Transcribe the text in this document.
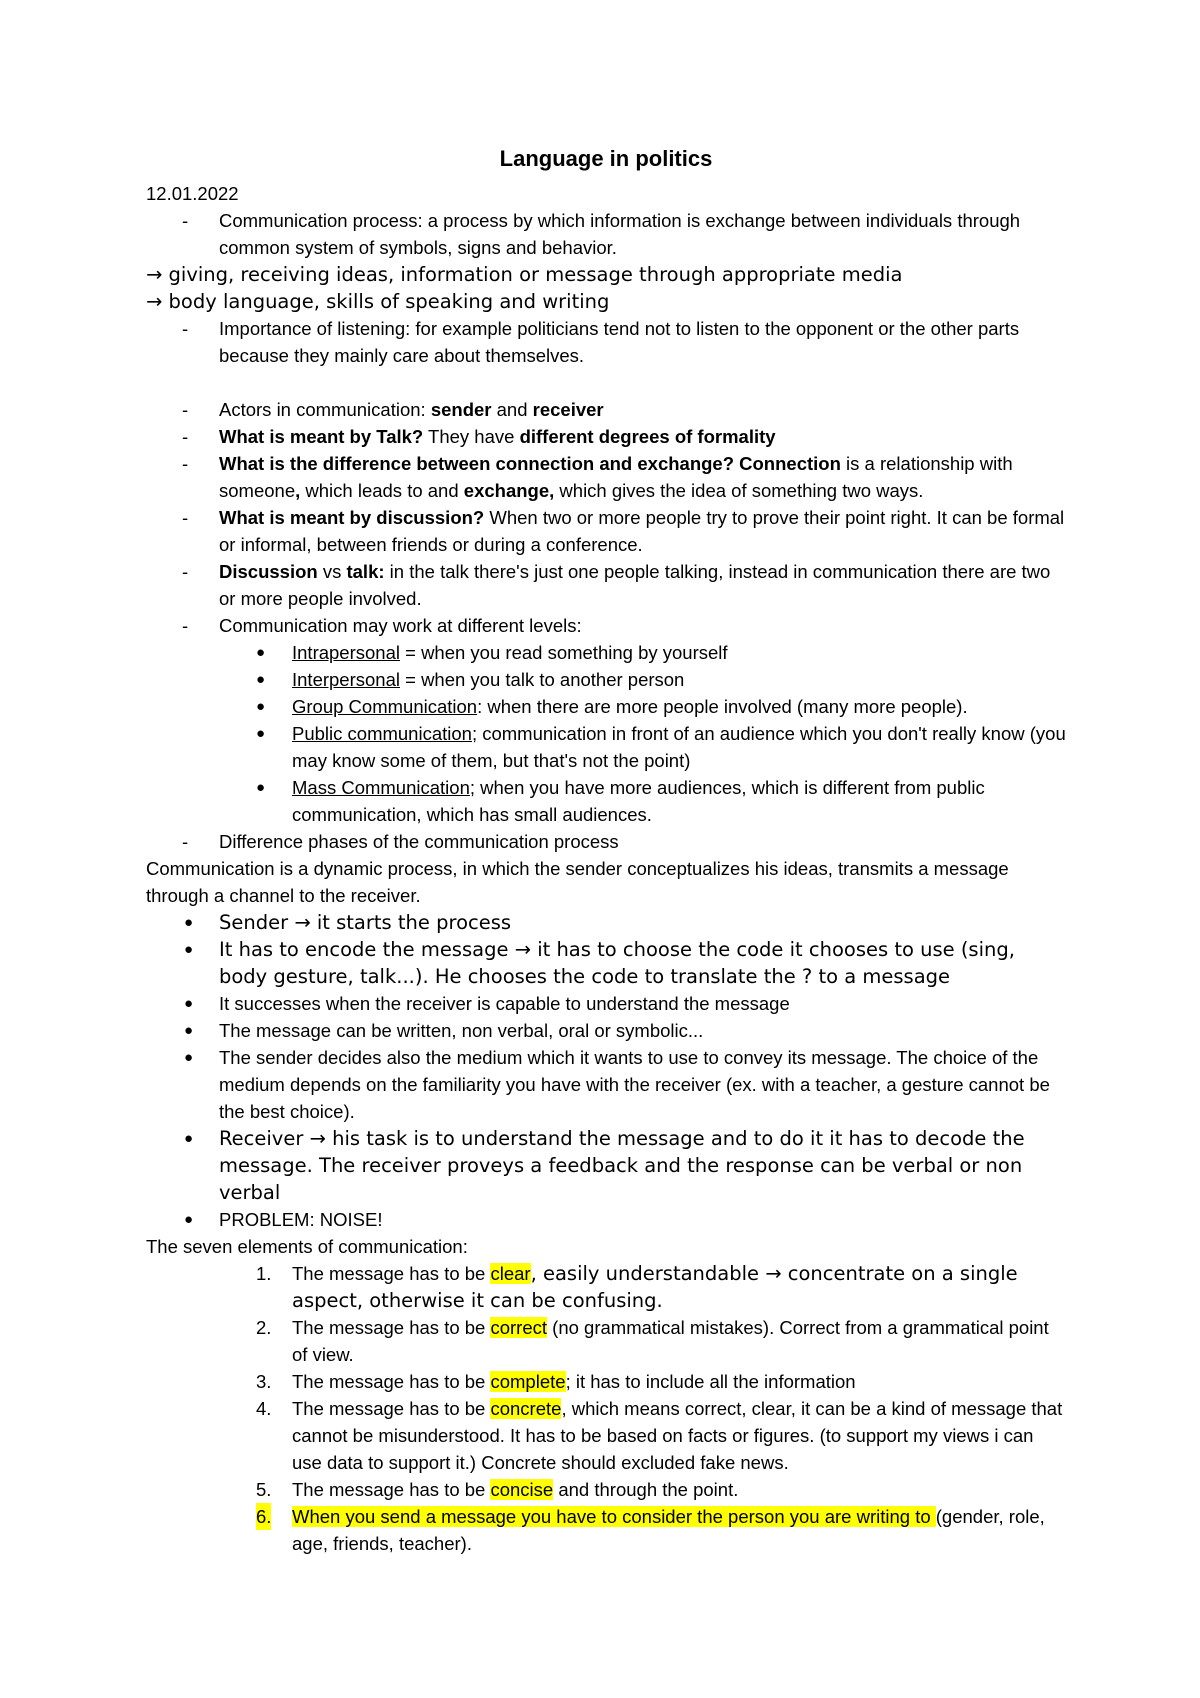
Language in politics
12.01.2022
- Communication process: a process by which information is exchange between individuals through common system of symbols, signs and behavior.
→ giving, receiving ideas, information or message through appropriate media
→ body language, skills of speaking and writing
- Importance of listening: for example politicians tend not to listen to the opponent or the other parts because they mainly care about themselves.
- Actors in communication: sender and receiver
- What is meant by Talk? They have different degrees of formality
- What is the difference between connection and exchange? Connection is a relationship with someone, which leads to and exchange, which gives the idea of something two ways.
- What is meant by discussion? When two or more people try to prove their point right. It can be formal or informal, between friends or during a conference.
- Discussion vs talk: in the talk there's just one people talking, instead in communication there are two or more people involved.
- Communication may work at different levels:
● Intrapersonal = when you read something by yourself
● Interpersonal = when you talk to another person
● Group Communication: when there are more people involved (many more people).
● Public communication; communication in front of an audience which you don't really know (you may know some of them, but that's not the point)
● Mass Communication; when you have more audiences, which is different from public communication, which has small audiences.
- Difference phases of the communication process
Communication is a dynamic process, in which the sender conceptualizes his ideas, transmits a message through a channel to the receiver.
● Sender → it starts the process
● It has to encode the message → it has to choose the code it chooses to use (sing, body gesture, talk...). He chooses the code to translate the ? to a message
● It successes when the receiver is capable to understand the message
● The message can be written, non verbal, oral or symbolic...
● The sender decides also the medium which it wants to use to convey its message. The choice of the medium depends on the familiarity you have with the receiver (ex. with a teacher, a gesture cannot be the best choice).
● Receiver → his task is to understand the message and to do it it has to decode the message. The receiver proveys a feedback and the response can be verbal or non verbal
● PROBLEM: NOISE!
The seven elements of communication:
1. The message has to be clear, easily understandable → concentrate on a single aspect, otherwise it can be confusing.
2. The message has to be correct (no grammatical mistakes). Correct from a grammatical point of view.
3. The message has to be complete; it has to include all the information
4. The message has to be concrete, which means correct, clear, it can be a kind of message that cannot be misunderstood. It has to be based on facts or figures. (to support my views i can use data to support it.) Concrete should excluded fake news.
5. The message has to be concise and through the point.
6. When you send a message you have to consider the person you are writing to (gender, role, age, friends, teacher).
